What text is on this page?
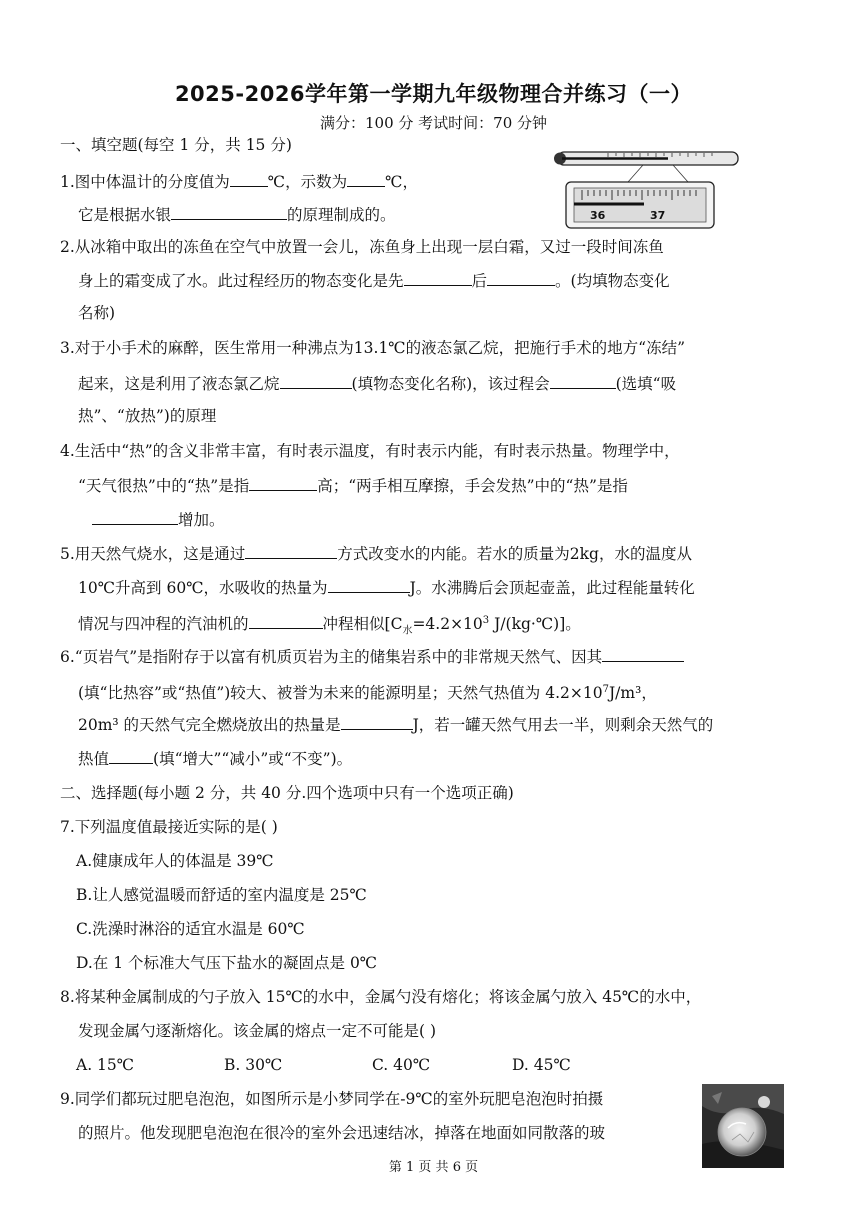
2025-2026学年第一学期九年级物理合并练习（一）
满分：100 分 考试时间：70 分钟
一、填空题(每空 1 分，共 15 分)
36	37
1.图中体温计的分度值为 ℃，示数为 ℃，
它是根据水银	的原理制成的。
2.从冰箱中取出的冻鱼在空气中放置一会儿，冻鱼身上出现一层白霜，又过一段时间冻鱼
身上的霜变成了水。此过程经历的物态变化是先	后	。(均填物态变化
名称)
3.对于小手术的麻醉，医生常用一种沸点为13.1℃的液态氯乙烷，把施行手术的地方“冻结”
起来，这是利用了液态氯乙烷	(填物态变化名称)，该过程会	(选填“吸
热”、“放热”)的原理
4.生活中“热”的含义非常丰富，有时表示温度，有时表示内能，有时表示热量。物理学中，
“天气很热”中的“热”是指	高；“两手相互摩擦，手会发热”中的“热”是指
增加。
5.用天然气烧水，这是通过	方式改变水的内能。若水的质量为2kg，水的温度从
10℃升高到 60℃，水吸收的热量为	J。水沸腾后会顶起壶盖，此过程能量转化
情况与四冲程的汽油机的	冲程相似[$C_水=4.2\times 10^3$ J/(kg·℃)]。
6.“页岩气”是指附存于以富有机质页岩为主的储集岩系中的非常规天然气、因其
(填“比热容”或“热值”)较大、被誉为未来的能源明星；天然气热值为 $4.2\times 10^7J/m^3$，
20m³ 的天然气完全燃烧放出的热量是	J，若一罐天然气用去一半，则剩余天然气的
热值	(填“增大”“减小”或“不变”)。
二、选择题(每小题 2 分，共 40 分.四个选项中只有一个选项正确)
7.下列温度值最接近实际的是( )
A.健康成年人的体温是 39℃
B.让人感觉温暖而舒适的室内温度是 25℃
C.洗澡时淋浴的适宜水温是 60℃
D.在 1 个标准大气压下盐水的凝固点是 0℃
8.将某种金属制成的勺子放入 15℃的水中，金属勺没有熔化；将该金属勺放入 45℃的水中，
发现金属勺逐渐熔化。该金属的熔点一定不可能是( )
A. 15℃	B. 30℃	C. 40℃	D. 45℃
9.同学们都玩过肥皂泡泡，如图所示是小梦同学在-9℃的室外玩肥皂泡泡时拍摄
的照片。他发现肥皂泡泡在很冷的室外会迅速结冰，掉落在地面如同散落的玻
第 1 页 共 6 页
